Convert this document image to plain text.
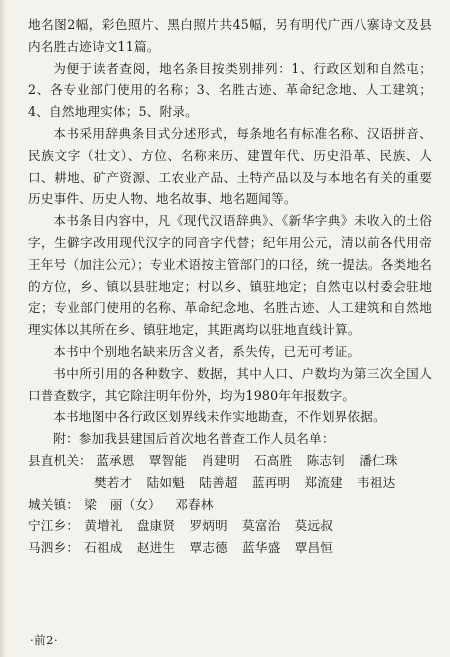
地名图2幅，彩色照片、黑白照片共45幅，另有明代广西八寨诗文及县内名胜古迹诗文11篇。

为便于读者查阅，地名条目按类别排列：1、行政区划和自然屯；2、各专业部门使用的名称；3、名胜古迹、革命纪念地、人工建筑；4、自然地理实体；5、附录。

本书采用辞典条目式分述形式，每条地名有标准名称、汉语拼音、民族文字（壮文）、方位、名称来历、建置年代、历史沿革、民族、人口、耕地、矿产资源、工农业产品、土特产品以及与本地名有关的重要历史事件、历史人物、地名故事、地名题闻等。

本书条目内容中，凡《现代汉语辞典》、《新华字典》未收入的土俗字，生僻字改用现代汉字的同音字代替；纪年用公元，清以前各代用帝王年号（加注公元）；专业术语按主管部门的口径，统一提法。各类地名的方位，乡、镇以县驻地定；村以乡、镇驻地定；自然屯以村委会驻地定；专业部门使用的名称、革命纪念地、名胜古迹、人工建筑和自然地理实体以其所在乡、镇驻地定，其距离均以驻地直线计算。

本书中个别地名缺来历含义者，系失传，已无可考证。

书中所引用的各种数字、数据，其中人口、户数均为第三次全国人口普查数字，其它除注明年份外，均为1980年年报数字。

本书地图中各行政区划界线未作实地勘查，不作划界依据。

附：参加我县建国后首次地名普查工作人员名单：

县直机关： 蓝承恩 覃智能 肖建明 石高胜 陈志钊 潘仁珠

樊若才 陆如魁 陆善超 蓝再明 郑流建 韦祖达

城关镇： 梁　丽（女） 邓春林

宁江乡： 黄增礼 盘康贤 罗炳明 莫富治 莫远叔

马泗乡： 石祖成 赵进生 覃志德 蓝华盛 覃昌恒

·前2·
